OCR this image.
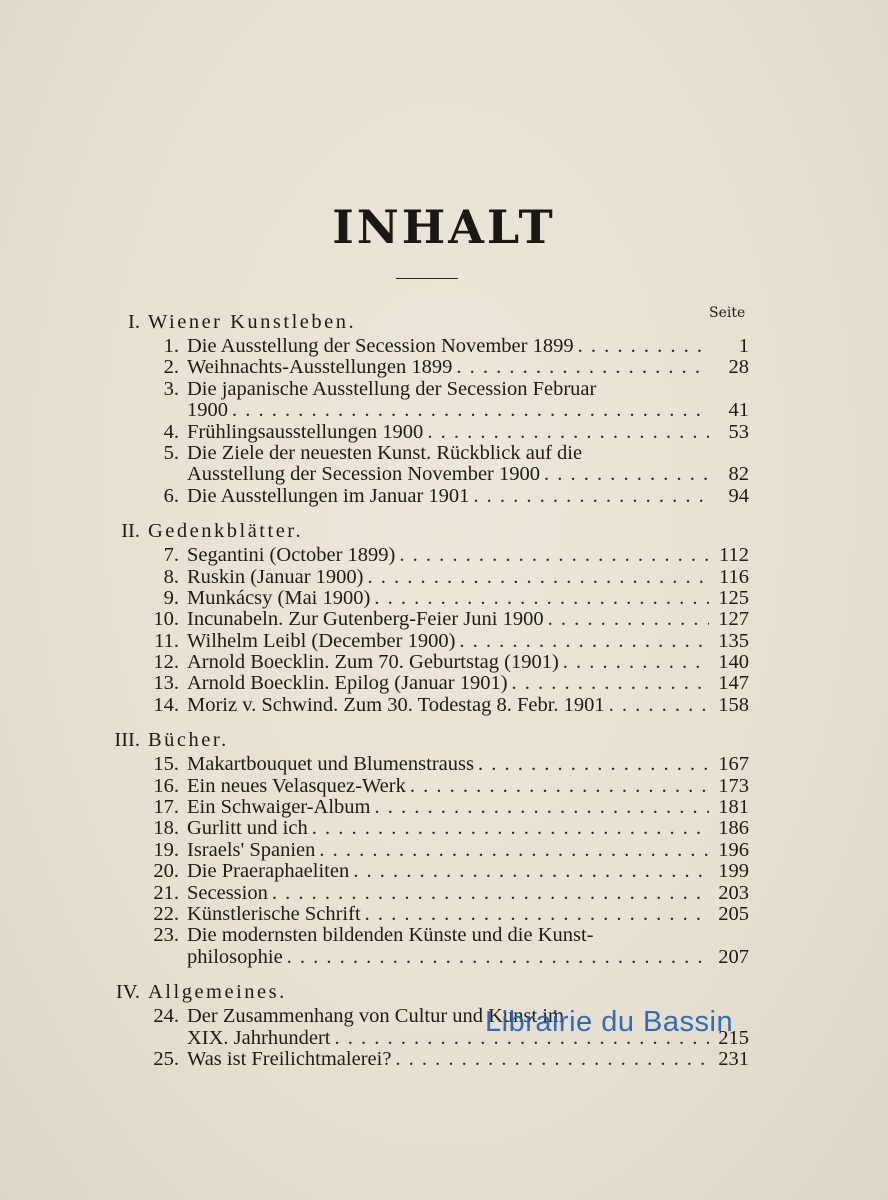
INHALT
Seite
I. Wiener Kunstleben.
1. Die Ausstellung der Secession November 1899 . . .	1
2. Weihnachts-Ausstellungen 1899 . . .	28
3. Die japanische Ausstellung der Secession Februar
1900 . . .	41
4. Frühlingsausstellungen 1900 . . .	53
5. Die Ziele der neuesten Kunst. Rückblick auf die
Ausstellung der Secession November 1900 . . .	82
6. Die Ausstellungen im Januar 1901 . . .	94
II. Gedenkblätter.
7. Segantini (October 1899) . . .	112
8. Ruskin (Januar 1900) . . .	116
9. Munkácsy (Mai 1900) . . .	125
10. Incunabeln. Zur Gutenberg-Feier Juni 1900 . . .	127
11. Wilhelm Leibl (December 1900) . . .	135
12. Arnold Boecklin. Zum 70. Geburtstag (1901) . . .	140
13. Arnold Boecklin. Epilog (Januar 1901) . . .	147
14. Moriz v. Schwind. Zum 30. Todestag 8. Febr. 1901 . . .	158
III. Bücher.
15. Makartbouquet und Blumenstrauss . . .	167
16. Ein neues Velasquez-Werk . . .	173
17. Ein Schwaiger-Album . . .	181
18. Gurlitt und ich . . .	186
19. Israels' Spanien . . .	196
20. Die Praeraphaeliten . . .	199
21. Secession . . .	203
22. Künstlerische Schrift . . .	205
23. Die modernsten bildenden Künste und die Kunst-
philosophie . . .	207
IV. Allgemeines.
24. Der Zusammenhang von Cultur und Kunst im
XIX. Jahrhundert . . .	215
25. Was ist Freilichtmalerei? . . .	231
Librairie du Bassin
